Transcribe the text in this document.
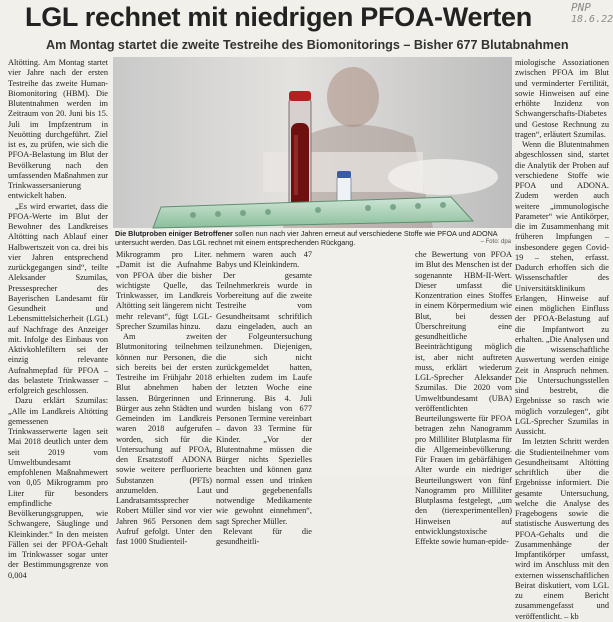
LGL rechnet mit niedrigen PFOA-Werten	PNP
18.6.22
Am Montag startet die zweite Testreihe des Biomonitorings – Bisher 677 Blutabnahmen

Altötting. Am Montag startet vier Jahre nach der ersten Testreihe das zweite Human-Biomonitoring (HBM). Die Blutentnahmen werden im Zeitraum von 20. Juni bis 15. Juli im Impfzentrum in Neuötting durchgeführt. Ziel ist es, zu prüfen, wie sich die PFOA-Belastung im Blut der Bevölkerung nach den umfassenden Maßnahmen zur Trinkwassersanierung entwickelt haben.

„Es wird erwartet, dass die PFOA-Werte im Blut der Bewohner des Landkreises Altötting nach Ablauf einer Halbwertszeit von ca. drei bis vier Jahren entsprechend zurückgegangen sind“, teilte Aleksander Szumilas, Pressesprecher des Bayerischen Landesamt für Gesundheit und Lebensmittelsicherheit (LGL) auf Nachfrage des Anzeiger mit. Infolge des Einbaus von Aktivkohlefiltern sei der einzig relevante Aufnahmepfad für PFOA – das belastete Trinkwasser – erfolgreich geschlossen.

Dazu erklärt Szumilas: „Alle im Landkreis Altötting gemessenen Trinkwasserwerte lagen seit Mai 2018 deutlich unter dem seit 2019 vom Umweltbundesamt empfohlenen Maßnahmewert von 0,05 Mikrogramm pro Liter für besonders empfindliche Bevölkerungsgruppen, wie Schwangere, Säuglinge und Kleinkinder.“ In den meisten Fällen sei der PFOA-Gehalt im Trinkwasser sogar unter der Bestimmungsgrenze von 0,004

Die Blutproben einiger Betroffener sollen nun nach vier Jahren erneut auf verschiedene Stoffe wie PFOA und ADONA untersucht werden. Das LGL rechnet mit einem entsprechenden Rückgang.	– Foto: dpa

Mikrogramm pro Liter. „Damit ist die Aufnahme von PFOA über die bisher wichtigste Quelle, das Trinkwasser, im Landkreis Altötting seit längerem nicht mehr relevant“, fügt LGL-Sprecher Szumilas hinzu.

Am zweiten Blutmonitoring teilnehmen können nur Personen, die sich bereits bei der ersten Testreihe im Frühjahr 2018 Blut abnehmen haben lassen. Bürgerinnen und Bürger aus zehn Städten und Gemeinden im Landkreis waren 2018 aufgerufen worden, sich für die Untersuchung auf PFOA, den Ersatzstoff ADONA sowie weitere perfluorierte Substanzen (PFTs) anzumelden. Laut Landratsamtssprecher Robert Müller sind vor vier Jahren 965 Personen dem Aufruf gefolgt. Unter den fast 1000 Studienteil-

nehmern waren auch 47 Babys und Kleinkindern.

Der gesamte Teilnehmerkreis wurde in Vorbereitung auf die zweite Testreihe vom Gesundheitsamt schriftlich dazu eingeladen, auch an der Folgeuntersuchung teilzunehmen. Diejenigen, die sich nicht zurückgemeldet hatten, erhielten zudem im Laufe der letzten Woche eine Erinnerung. Bis 4. Juli wurden bislang von 677 Personen Termine vereinbart – davon 33 Termine für Kinder. „Vor der Blutentnahme müssen die Bürger nichts Spezielles beachten und können ganz normal essen und trinken und gegebenenfalls notwendige Medikamente wie gewohnt einnehmen“, sagt Sprecher Müller.

Relevant für die gesundheitli-

che Bewertung von PFOA im Blut des Menschen ist der sogenannte HBM-II-Wert. Dieser umfasst die Konzentration eines Stoffes in einem Körpermedium wie Blut, bei dessen Überschreitung eine gesundheitliche Beeinträchtigung möglich ist, aber nicht auftreten muss, erklärt wiederum LGL-Sprecher Aleksander Szumilas. Die 2020 vom Umweltbundesamt (UBA) veröffentlichten Beurteilungswerte für PFOA betragen zehn Nanogramm pro Milliliter Blutplasma für die Allgemeinbevölkerung. Für Frauen im gebärfähigen Alter wurde ein niedriger Beurteilungswert von fünf Nanogramm pro Milliliter Blutplasma festgelegt, „um den (tierexperimentellen) Hinweisen auf entwicklungstoxische Effekte sowie human-epide-

miologische Assoziationen zwischen PFOA im Blut und verminderter Fertilität, sowie Hinweisen auf eine erhöhte Inzidenz von Schwangerschafts-Diabetes und Gestose Rechnung zu tragen“, erläutert Szumilas.

Wenn die Blutentnahmen abgeschlossen sind, startet die Analytik der Proben auf verschiedene Stoffe wie PFOA und ADONA. Zudem werden auch weitere „immunologische Parameter“ wie Antikörper, die im Zusammenhang mit früheren Impfungen – insbesondere gegen Covid-19 – stehen, erfasst. Dadurch erhoffen sich die Wissenschaftler des Universitätsklinikum Erlangen, Hinweise auf einen möglichen Einfluss der PFOA-Belastung auf die Impfantwort zu erhalten. „Die Analysen und die wissenschaftliche Auswertung werden einige Zeit in Anspruch nehmen. Die Untersuchungsstellen sind bestrebt, die Ergebnisse so rasch wie möglich vorzulegen“, gibt LGL-Sprecher Szumilas in Aussicht.

Im letzten Schritt werden die Studienteilnehmer vom Gesundheitsamt Altötting schriftlich über die Ergebnisse informiert. Die gesamte Untersuchung, welche die Analyse des Fragebogens sowie die statistische Auswertung des PFOA-Gehalts und die Zusammenhänge der Impfantikörper umfasst, wird im Anschluss mit den externen wissenschaftlichen Beirat diskutiert, vom LGL zu einem Bericht zusammengefasst und veröffentlicht. – kb
